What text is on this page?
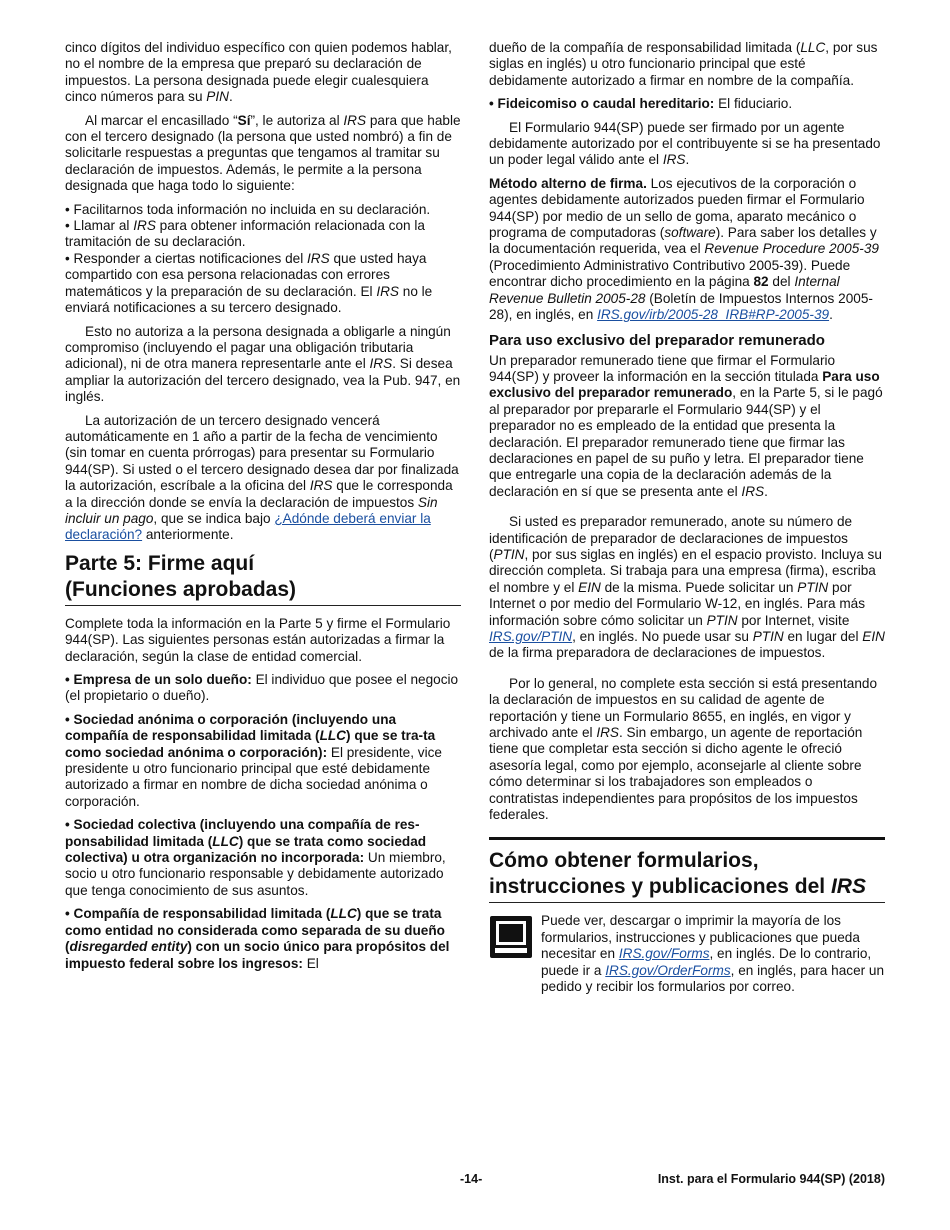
cinco dígitos del individuo específico con quien podemos hablar, no el nombre de la empresa que preparó su declaración de impuestos. La persona designada puede elegir cualesquiera cinco números para su PIN.

Al marcar el encasillado “Sí”, le autoriza al IRS para que hable con el tercero designado (la persona que usted nombró) a fin de solicitarle respuestas a preguntas que tengamos al tramitar su declaración de impuestos. Además, le permite a la persona designada que haga todo lo siguiente:

• Facilitarnos toda información no incluida en su declaración.
• Llamar al IRS para obtener información relacionada con la tramitación de su declaración.
• Responder a ciertas notificaciones del IRS que usted haya compartido con esa persona relacionadas con errores matemáticos y la preparación de su declaración. El IRS no le enviará notificaciones a su tercero designado.

Esto no autoriza a la persona designada a obligarle a ningún compromiso (incluyendo el pagar una obligación tributaria adicional), ni de otra manera representarle ante el IRS. Si desea ampliar la autorización del tercero designado, vea la Pub. 947, en inglés.

La autorización de un tercero designado vencerá automáticamente en 1 año a partir de la fecha de vencimiento (sin tomar en cuenta prórrogas) para presentar su Formulario 944(SP). Si usted o el tercero designado desea dar por finalizada la autorización, escríbale a la oficina del IRS que le corresponda a la dirección donde se envía la declaración de impuestos Sin incluir un pago, que se indica bajo ¿Adónde deberá enviar la declaración? anteriormente.

Parte 5: Firme aquí
(Funciones aprobadas)

Complete toda la información en la Parte 5 y firme el Formulario 944(SP). Las siguientes personas están autorizadas a firmar la declaración, según la clase de entidad comercial.

• Empresa de un solo dueño: El individuo que posee el negocio (el propietario o dueño).

• Sociedad anónima o corporación (incluyendo una compañía de responsabilidad limitada (LLC) que se tra-ta como sociedad anónima o corporación): El presidente, vice presidente u otro funcionario principal que esté debidamente autorizado a firmar en nombre de dicha sociedad anónima o corporación.

• Sociedad colectiva (incluyendo una compañía de res-ponsabilidad limitada (LLC) que se trata como sociedad colectiva) u otra organización no incorporada: Un miembro, socio u otro funcionario responsable y debidamente autorizado que tenga conocimiento de sus asuntos.

• Compañía de responsabilidad limitada (LLC) que se trata como entidad no considerada como separada de su dueño (disregarded entity) con un socio único para propósitos del impuesto federal sobre los ingresos: El

dueño de la compañía de responsabilidad limitada (LLC, por sus siglas en inglés) u otro funcionario principal que esté debidamente autorizado a firmar en nombre de la compañía.

• Fideicomiso o caudal hereditario: El fiduciario.

El Formulario 944(SP) puede ser firmado por un agente debidamente autorizado por el contribuyente si se ha presentado un poder legal válido ante el IRS.

Método alterno de firma. Los ejecutivos de la corporación o agentes debidamente autorizados pueden firmar el Formulario 944(SP) por medio de un sello de goma, aparato mecánico o programa de computadoras (software). Para saber los detalles y la documentación requerida, vea el Revenue Procedure 2005-39 (Procedimiento Administrativo Contributivo 2005-39). Puede encontrar dicho procedimiento en la página 82 del Internal Revenue Bulletin 2005-28 (Boletín de Impuestos Internos 2005-28), en inglés, en IRS.gov/irb/2005-28_IRB#RP-2005-39.

Para uso exclusivo del preparador remunerado

Un preparador remunerado tiene que firmar el Formulario 944(SP) y proveer la información en la sección titulada Para uso exclusivo del preparador remunerado, en la Parte 5, si le pagó al preparador por prepararle el Formulario 944(SP) y el preparador no es empleado de la entidad que presenta la declaración. El preparador remunerado tiene que firmar las declaraciones en papel de su puño y letra. El preparador tiene que entregarle una copia de la declaración además de la declaración en sí que se presenta ante el IRS.

Si usted es preparador remunerado, anote su número de identificación de preparador de declaraciones de impuestos (PTIN, por sus siglas en inglés) en el espacio provisto. Incluya su dirección completa. Si trabaja para una empresa (firma), escriba el nombre y el EIN de la misma. Puede solicitar un PTIN por Internet o por medio del Formulario W-12, en inglés. Para más información sobre cómo solicitar un PTIN por Internet, visite IRS.gov/PTIN, en inglés. No puede usar su PTIN en lugar del EIN de la firma preparadora de declaraciones de impuestos.

Por lo general, no complete esta sección si está presentando la declaración de impuestos en su calidad de agente de reportación y tiene un Formulario 8655, en inglés, en vigor y archivado ante el IRS. Sin embargo, un agente de reportación tiene que completar esta sección si dicho agente le ofreció asesoría legal, como por ejemplo, aconsejarle al cliente sobre cómo determinar si los trabajadores son empleados o contratistas independientes para propósitos de los impuestos federales.

Cómo obtener formularios,
instrucciones y publicaciones del IRS

Puede ver, descargar o imprimir la mayoría de los formularios, instrucciones y publicaciones que pueda necesitar en IRS.gov/Forms, en inglés. De lo contrario, puede ir a IRS.gov/OrderForms, en inglés, para hacer un pedido y recibir los formularios por correo.

-14-	Inst. para el Formulario 944(SP) (2018)
